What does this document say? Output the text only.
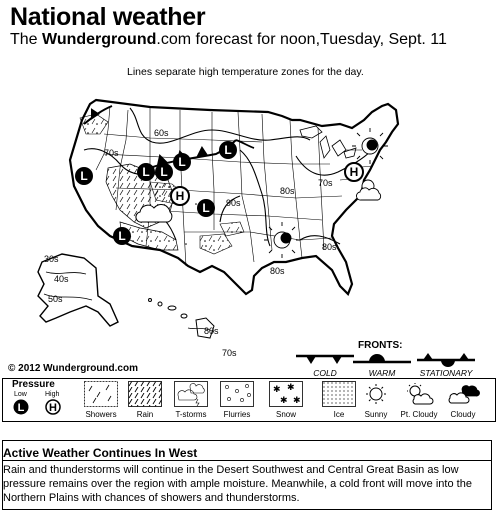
National weather
The Wunderground.com forecast for noon,Tuesday, Sept. 11
Lines separate high temperature zones for the day.
L	L L
L
L
L
L
H
H
60s
70s
80s
90s
70s
80s
80s
30s
40s
50s
80s
70s
© 2012 Wunderground.com
FRONTS:
COLD	WARM	STATIONARY
Pressure
Low	High
L H
Showers	Rain	T-storms	Flurries
✱ ✱
✱ ✱
Snow	Ice	Sunny	Pt. Cloudy	Cloudy
Active Weather Continues In West
Rain and thunderstorms will continue in the Desert Southwest and Central Great Basin as low pressure remains over the region with ample moisture. Meanwhile, a cold front will move into the Northern Plains with chances of showers and thunderstorms.
